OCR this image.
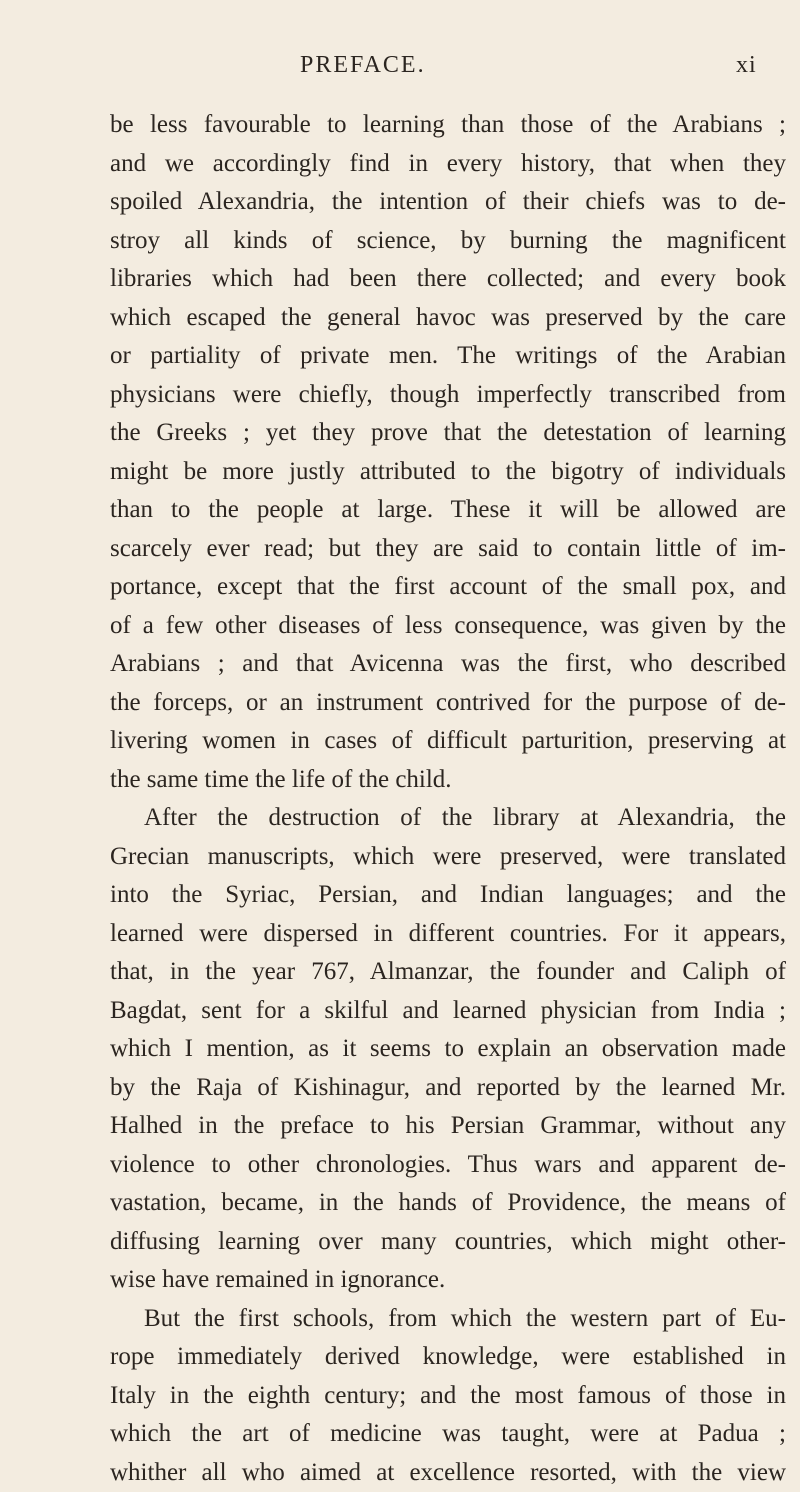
PREFACE.	xi
be less favourable to learning than those of the Arabians ;
and we accordingly find in every history, that when they
spoiled Alexandria, the intention of their chiefs was to de-
stroy all kinds of science, by burning the magnificent
libraries which had been there collected; and every book
which escaped the general havoc was preserved by the care
or partiality of private men. The writings of the Arabian
physicians were chiefly, though imperfectly transcribed from
the Greeks ; yet they prove that the detestation of learning
might be more justly attributed to the bigotry of individuals
than to the people at large. These it will be allowed are
scarcely ever read; but they are said to contain little of im-
portance, except that the first account of the small pox, and
of a few other diseases of less consequence, was given by the
Arabians ; and that Avicenna was the first, who described
the forceps, or an instrument contrived for the purpose of de-
livering women in cases of difficult parturition, preserving at
the same time the life of the child.
After the destruction of the library at Alexandria, the
Grecian manuscripts, which were preserved, were translated
into the Syriac, Persian, and Indian languages; and the
learned were dispersed in different countries. For it appears,
that, in the year 767, Almanzar, the founder and Caliph of
Bagdat, sent for a skilful and learned physician from India ;
which I mention, as it seems to explain an observation made
by the Raja of Kishinagur, and reported by the learned Mr.
Halhed in the preface to his Persian Grammar, without any
violence to other chronologies. Thus wars and apparent de-
vastation, became, in the hands of Providence, the means of
diffusing learning over many countries, which might other-
wise have remained in ignorance.
But the first schools, from which the western part of Eu-
rope immediately derived knowledge, were established in
Italy in the eighth century; and the most famous of those in
which the art of medicine was taught, were at Padua ;
whither all who aimed at excellence resorted, with the view
